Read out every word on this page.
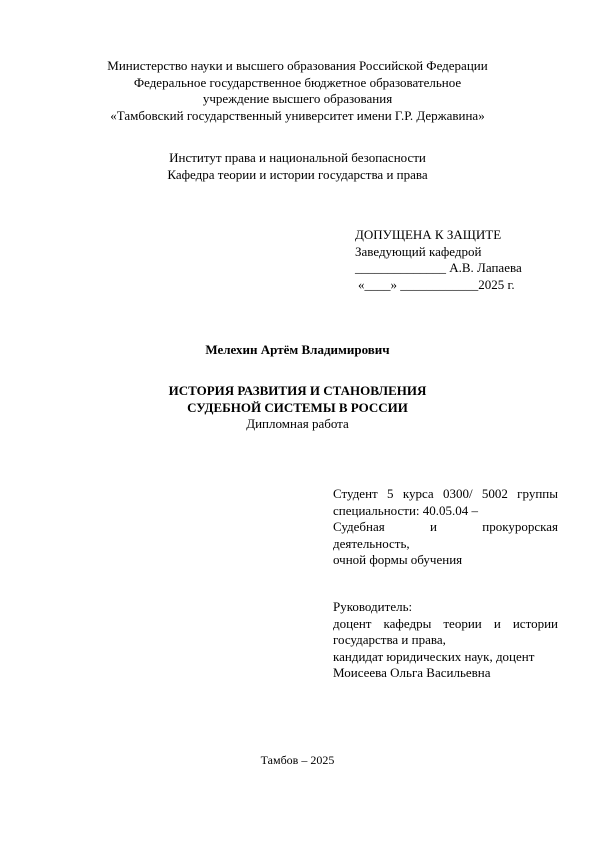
Министерство науки и высшего образования Российской Федерации
Федеральное государственное бюджетное образовательное
учреждение высшего образования
«Тамбовский государственный университет имени Г.Р. Державина»
Институт права и национальной безопасности
Кафедра теории и истории государства и права
ДОПУЩЕНА К ЗАЩИТЕ
Заведующий кафедрой
______________ А.В. Лапаева
«____» ____________2025 г.
Мелехин Артём Владимирович
ИСТОРИЯ РАЗВИТИЯ И СТАНОВЛЕНИЯ
СУДЕБНОЙ СИСТЕМЫ В РОССИИ
Дипломная работа
Студент 5 курса 0300/ 5002 группы
специальности: 40.05.04 –
Судебная	и	прокурорская
деятельность,
очной формы обучения
Руководитель:
доцент кафедры теории и истории
государства и права,
кандидат юридических наук, доцент
Моисеева Ольга Васильевна
Тамбов – 2025
